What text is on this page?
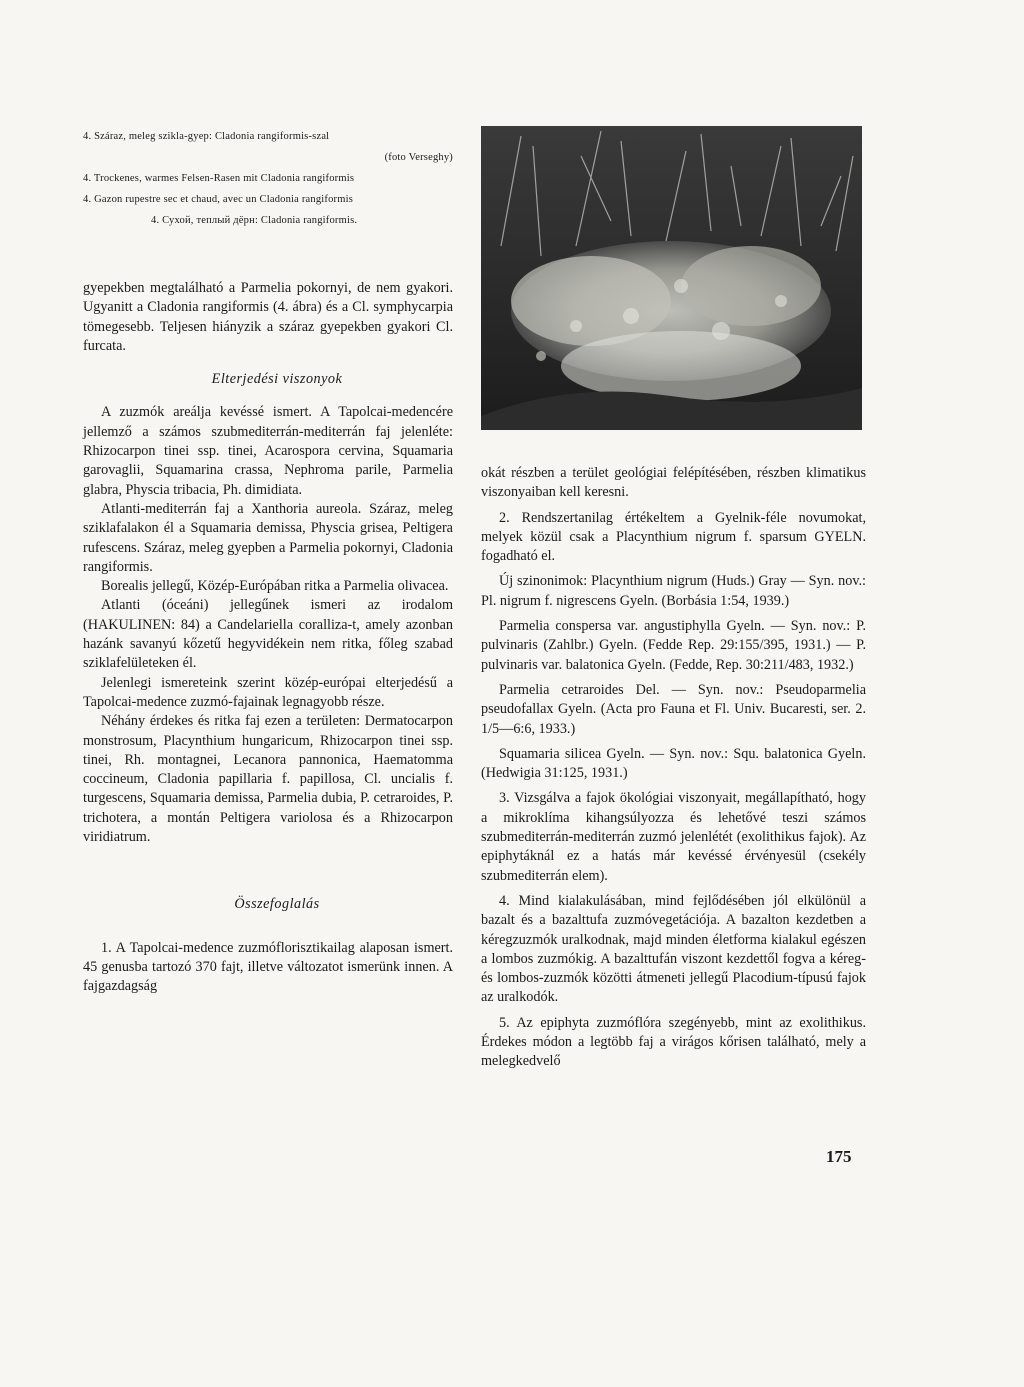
4. Száraz, meleg szikla-gyep: Cladonia rangiformis-szal
(foto Verseghy)
4. Trockenes, warmes Felsen-Rasen mit Cladonia rangiformis
4. Gazon rupestre sec et chaud, avec un Cladonia rangiformis
4. Сухой, теплый дёрн: Cladonia rangiformis.

gyepekben megtalálható a Parmelia pokornyi, de nem gyakori. Ugyanitt a Cladonia rangiformis (4. ábra) és a Cl. symphycarpia tömegesebb. Teljesen hiányzik a száraz gyepekben gyakori Cl. furcata.

Elterjedési viszonyok

A zuzmók areálja kevéssé ismert. A Tapolcai-medencére jellemző a számos szubmediterrán-mediterrán faj jelenléte: Rhizocarpon tinei ssp. tinei, Acarospora cervina, Squamaria garovaglii, Squamarina crassa, Nephroma parile, Parmelia glabra, Physcia tribacia, Ph. dimidiata.

Atlanti-mediterrán faj a Xanthoria aureola. Száraz, meleg sziklafalakon él a Squamaria demissa, Physcia grisea, Peltigera rufescens. Száraz, meleg gyepben a Parmelia pokornyi, Cladonia rangiformis.

Borealis jellegű, Közép-Európában ritka a Parmelia olivacea.

Atlanti (óceáni) jellegűnek ismeri az irodalom (HAKULINEN: 84) a Candelariella coralliza-t, amely azonban hazánk savanyú kőzetű hegyvidékein nem ritka, főleg szabad sziklafelületeken él.

Jelenlegi ismereteink szerint közép-európai elterjedésű a Tapolcai-medence zuzmó-fajainak legnagyobb része.

Néhány érdekes és ritka faj ezen a területen: Dermatocarpon monstrosum, Placynthium hungaricum, Rhizocarpon tinei ssp. tinei, Rh. montagnei, Lecanora pannonica, Haematomma coccineum, Cladonia papillaria f. papillosa, Cl. uncialis f. turgescens, Squamaria demissa, Parmelia dubia, P. cetraroides, P. trichotera, a montán Peltigera variolosa és a Rhizocarpon viridiatrum.

Összefoglalás

1. A Tapolcai-medence zuzmóflorisztikailag alaposan ismert. 45 genusba tartozó 370 fajt, illetve változatot ismerünk innen. A fajgazdagság

okát részben a terület geológiai felépítésében, részben klimatikus viszonyaiban kell keresni.

2. Rendszertanilag értékeltem a Gyelnik-féle novumokat, melyek közül csak a Placynthium nigrum f. sparsum GYELN. fogadható el.

Új szinonimok: Placynthium nigrum (Huds.) Gray — Syn. nov.: Pl. nigrum f. nigrescens Gyeln. (Borbásia 1:54, 1939.)

Parmelia conspersa var. angustiphylla Gyeln. — Syn. nov.: P. pulvinaris (Zahlbr.) Gyeln. (Fedde Rep. 29:155/395, 1931.) — P. pulvinaris var. balatonica Gyeln. (Fedde, Rep. 30:211/483, 1932.)

Parmelia cetraroides Del. — Syn. nov.: Pseudoparmelia pseudofallax Gyeln. (Acta pro Fauna et Fl. Univ. Bucaresti, ser. 2. 1/5—6:6, 1933.)

Squamaria silicea Gyeln. — Syn. nov.: Squ. balatonica Gyeln. (Hedwigia 31:125, 1931.)

3. Vizsgálva a fajok ökológiai viszonyait, megállapítható, hogy a mikroklíma kihangsúlyozza és lehetővé teszi számos szubmediterrán-mediterrán zuzmó jelenlétét (exolithikus fajok). Az epiphytáknál ez a hatás már kevéssé érvényesül (csekély szubmediterrán elem).

4. Mind kialakulásában, mind fejlődésében jól elkülönül a bazalt és a bazalttufa zuzmóvegetációja. A bazalton kezdetben a kéregzuzmók uralkodnak, majd minden életforma kialakul egészen a lombos zuzmókig. A bazalttufán viszont kezdettől fogva a kéreg- és lombos-zuzmók közötti átmeneti jellegű Placodium-típusú fajok az uralkodók.

5. Az epiphyta zuzmóflóra szegényebb, mint az exolithikus. Érdekes módon a legtöbb faj a virágos kőrisen található, mely a melegkedvelő

175
